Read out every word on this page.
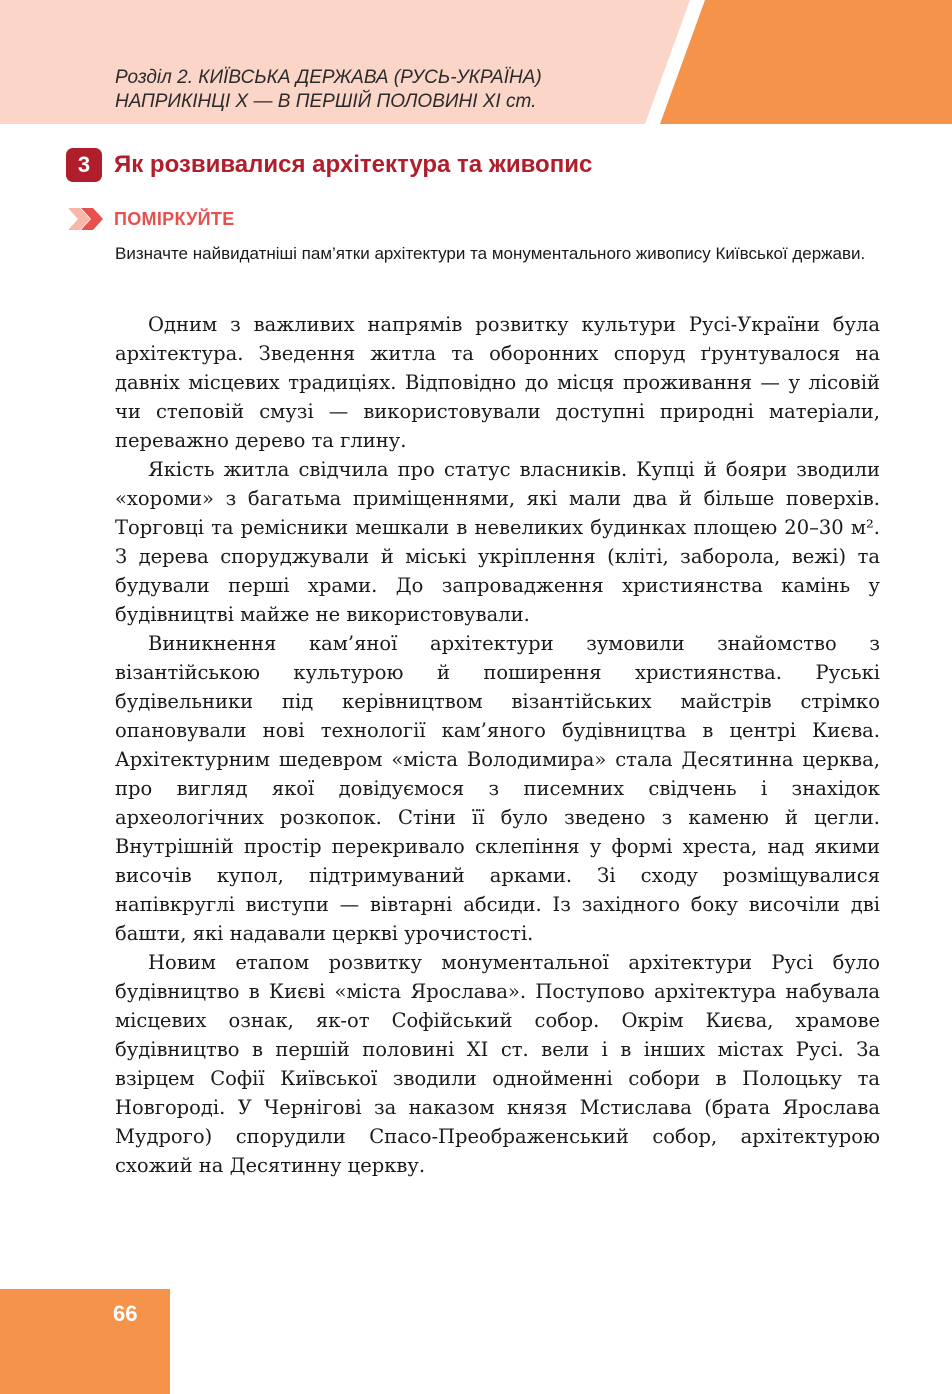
Розділ 2. КИЇВСЬКА ДЕРЖАВА (РУСЬ-УКРАЇНА)
НАПРИКІНЦІ X — В ПЕРШІЙ ПОЛОВИНІ XI ст.
3 Як розвивалися архітектура та живопис
ПОМІРКУЙТЕ
Визначте найвидатніші пам’ятки архітектури та монументального живопису Київської держави.

Одним з важливих напрямів розвитку культури Русі-України була архітектура. Зведення житла та оборонних споруд ґрунтувалося на давніх місцевих традиціях. Відповідно до місця проживання — у лісовій чи степовій смузі — використовували доступні природні матеріали, переважно дерево та глину.

Якість житла свідчила про статус власників. Купці й бояри зводили «хороми» з багатьма приміщеннями, які мали два й більше поверхів. Торговці та ремісники мешкали в невеликих будинках площею 20–30 м². З дерева споруджували й міські укріплення (кліті, заборола, вежі) та будували перші храми. До запровадження християнства камінь у будівництві майже не використовували.

Виникнення кам’яної архітектури зумовили знайомство з візантійською культурою й поширення християнства. Руські будівельники під керівництвом візантійських майстрів стрімко опановували нові технології кам’яного будівництва в центрі Києва. Архітектурним шедевром «міста Володимира» стала Десятинна церква, про вигляд якої довідуємося з писемних свідчень і знахідок археологічних розкопок. Стіни її було зведено з каменю й цегли. Внутрішній простір перекривало склепіння у формі хреста, над якими височів купол, підтримуваний арками. Зі сходу розміщувалися напівкруглі виступи — вівтарні абсиди. Із західного боку височіли дві башти, які надавали церкві урочистості.

Новим етапом розвитку монументальної архітектури Русі було будівництво в Києві «міста Ярослава». Поступово архітектура набувала місцевих ознак, як-от Софійський собор. Окрім Києва, храмове будівництво в першій половині XI ст. вели і в інших містах Русі. За взірцем Софії Київської зводили однойменні собори в Полоцьку та Новгороді. У Чернігові за наказом князя Мстислава (брата Ярослава Мудрого) спорудили Спасо-Преображенський собор, архітектурою схожий на Десятинну церкву.

66
